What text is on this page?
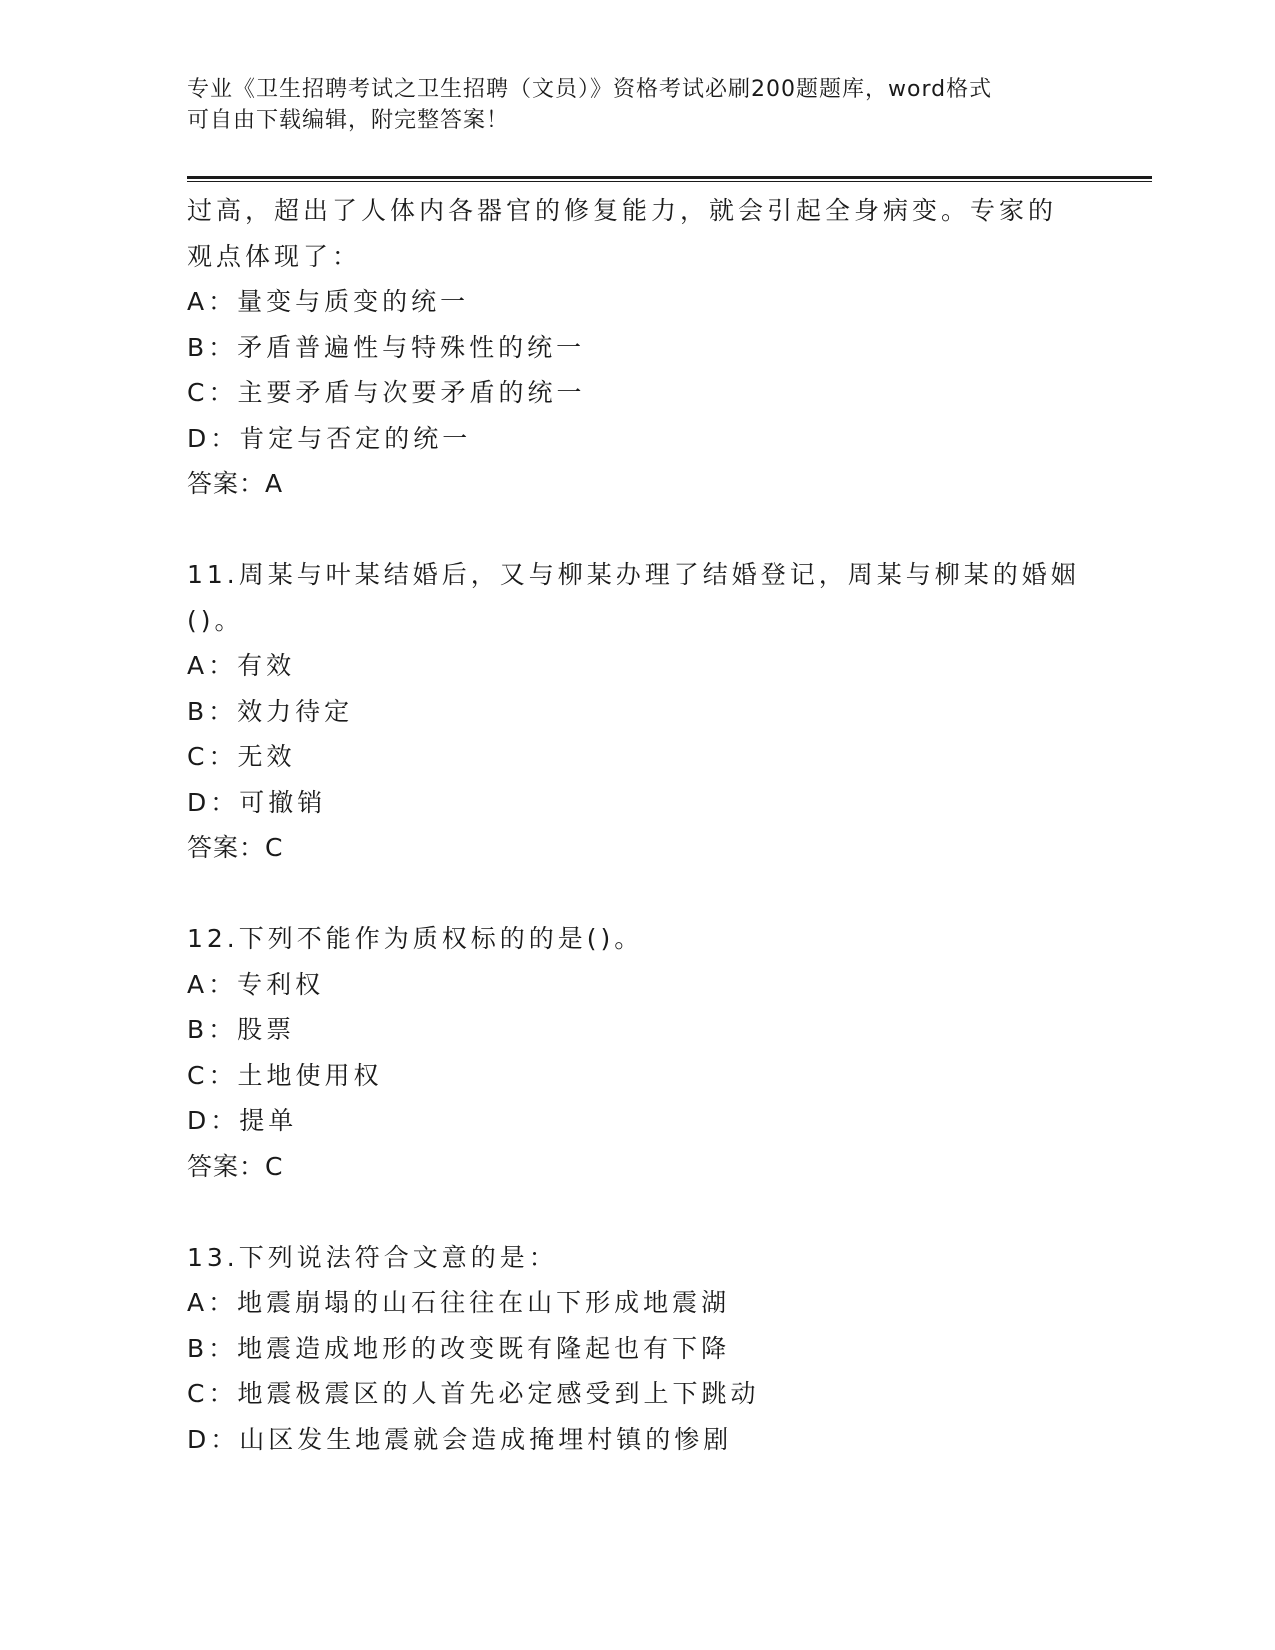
专业《卫生招聘考试之卫生招聘（文员）》资格考试必刷200题题库，word格式
可自由下载编辑，附完整答案！
过高，超出了人体内各器官的修复能力，就会引起全身病变。专家的
观点体现了：
A：量变与质变的统一
B：矛盾普遍性与特殊性的统一
C：主要矛盾与次要矛盾的统一
D：肯定与否定的统一
答案：A
11.周某与叶某结婚后，又与柳某办理了结婚登记，周某与柳某的婚姻
()。
A：有效
B：效力待定
C：无效
D：可撤销
答案：C
12.下列不能作为质权标的的是()。
A：专利权
B：股票
C：土地使用权
D：提单
答案：C
13.下列说法符合文意的是：
A：地震崩塌的山石往往在山下形成地震湖
B：地震造成地形的改变既有隆起也有下降
C：地震极震区的人首先必定感受到上下跳动
D：山区发生地震就会造成掩埋村镇的惨剧
